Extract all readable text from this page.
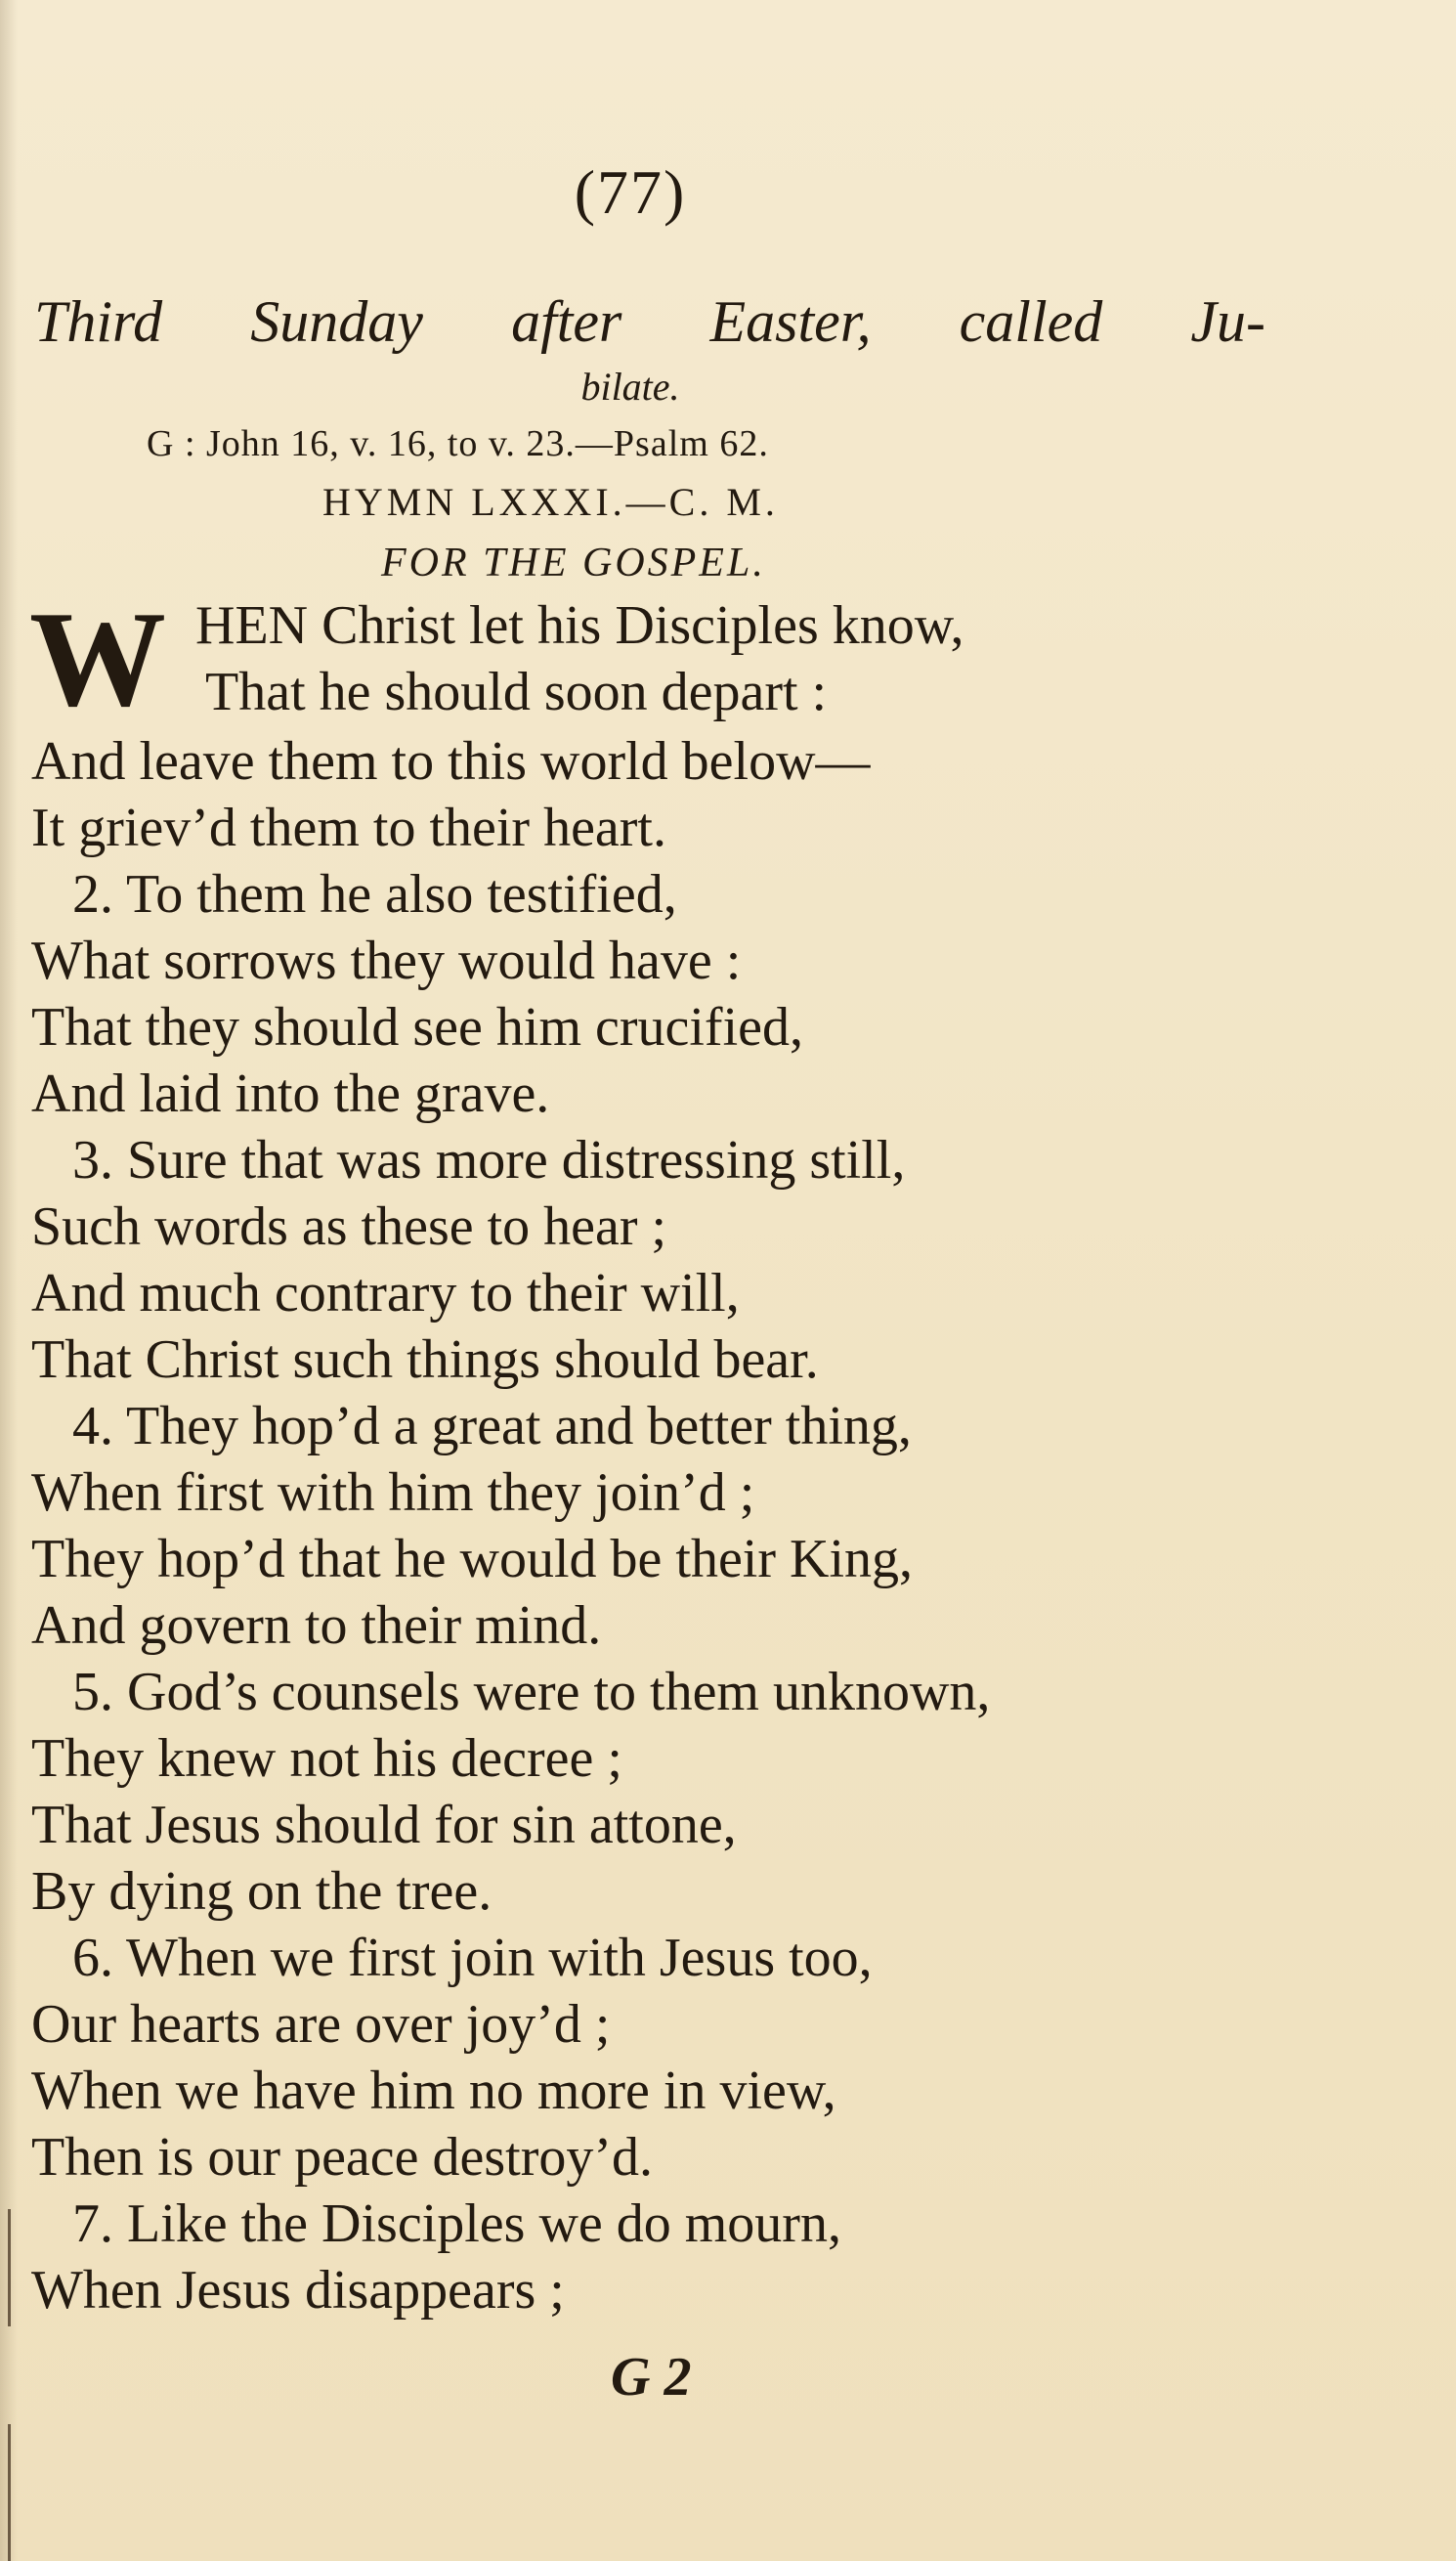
(77)
Third Sunday after Easter, called Ju-
bilate.
G : John 16, v. 16, to v. 23.—Psalm 62.
HYMN LXXXI.—C. M.
FOR THE GOSPEL.
W HEN Christ let his Disciples know,
That he should soon depart :
And leave them to this world below—
It griev’d them to their heart.
2. To them he also testified,
What sorrows they would have :
That they should see him crucified,
And laid into the grave.
3. Sure that was more distressing still,
Such words as these to hear ;
And much contrary to their will,
That Christ such things should bear.
4. They hop’d a great and better thing,
When first with him they join’d ;
They hop’d that he would be their King,
And govern to their mind.
5. God’s counsels were to them unknown,
They knew not his decree ;
That Jesus should for sin attone,
By dying on the tree.
6. When we first join with Jesus too,
Our hearts are over joy’d ;
When we have him no more in view,
Then is our peace destroy’d.
7. Like the Disciples we do mourn,
When Jesus disappears ;
G 2
